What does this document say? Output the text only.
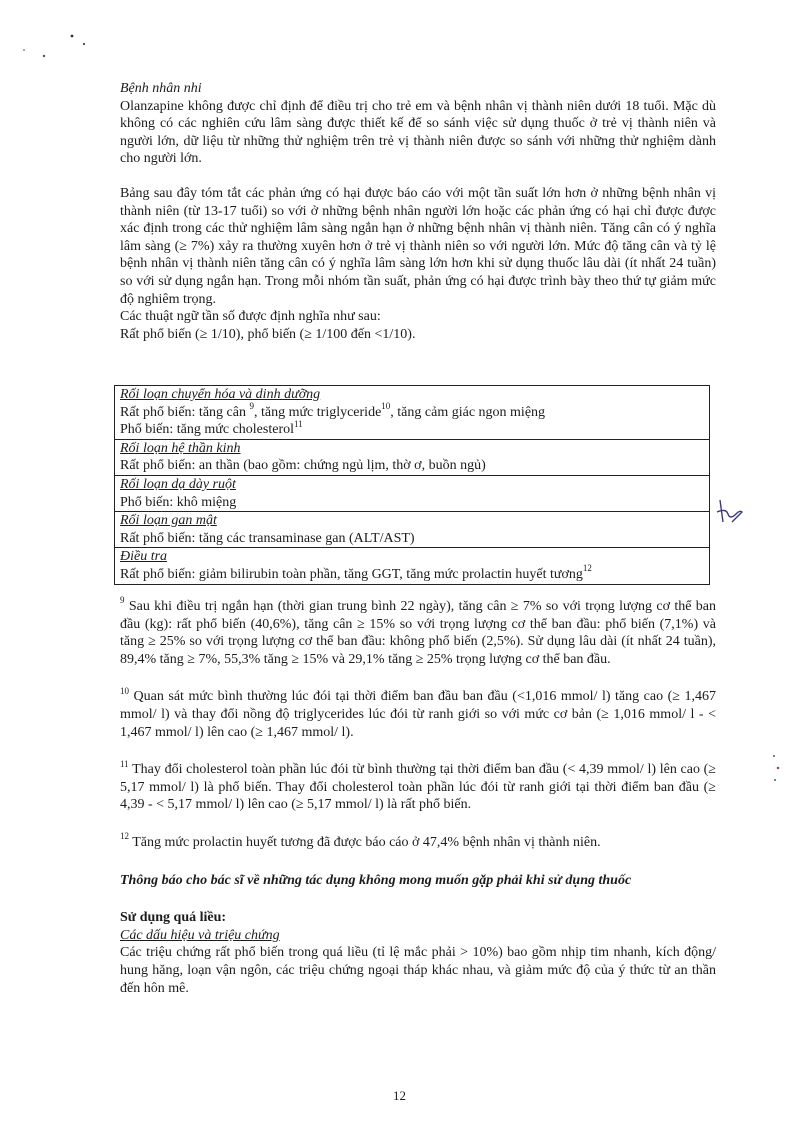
Bệnh nhân nhi

Olanzapine không được chỉ định để điều trị cho trẻ em và bệnh nhân vị thành niên dưới 18 tuổi. Mặc dù không có các nghiên cứu lâm sàng được thiết kế để so sánh việc sử dụng thuốc ở trẻ vị thành niên và người lớn, dữ liệu từ những thử nghiệm trên trẻ vị thành niên được so sánh với những thử nghiệm dành cho người lớn.

Bảng sau đây tóm tắt các phản ứng có hại được báo cáo với một tần suất lớn hơn ở những bệnh nhân vị thành niên (từ 13-17 tuổi) so với ở những bệnh nhân người lớn hoặc các phản ứng có hại chỉ được được xác định trong các thử nghiệm lâm sàng ngắn hạn ở những bệnh nhân vị thành niên. Tăng cân có ý nghĩa lâm sàng (≥ 7%) xảy ra thường xuyên hơn ở trẻ vị thành niên so với người lớn. Mức độ tăng cân và tỷ lệ bệnh nhân vị thành niên tăng cân có ý nghĩa lâm sàng lớn hơn khi sử dụng thuốc lâu dài (ít nhất 24 tuần) so với sử dụng ngắn hạn. Trong mỗi nhóm tần suất, phản ứng có hại được trình bày theo thứ tự giảm mức độ nghiêm trọng.

Các thuật ngữ tần số được định nghĩa như sau:

Rất phổ biến (≥ 1/10), phổ biến (≥ 1/100 đến <1/10).

Rối loạn chuyển hóa và dinh dưỡng
Rất phổ biến: tăng cân $^9$, tăng mức triglyceride$^{10}$, tăng cảm giác ngon miệng
Phổ biến: tăng mức cholesterol$^{11}$

Rối loạn hệ thần kinh
Rất phổ biến: an thần (bao gồm: chứng ngủ lịm, thờ ơ, buồn ngủ)

Rối loạn dạ dày ruột
Phổ biến: khô miệng

Rối loạn gan mật
Rất phổ biến: tăng các transaminase gan (ALT/AST)

Điều tra
Rất phổ biến: giảm bilirubin toàn phần, tăng GGT, tăng mức prolactin huyết tương$^{12}$

$^9$ Sau khi điều trị ngắn hạn (thời gian trung bình 22 ngày), tăng cân ≥ 7% so với trọng lượng cơ thể ban đầu (kg): rất phổ biến (40,6%), tăng cân ≥ 15% so với trọng lượng cơ thể ban đầu: phổ biến (7,1%) và tăng ≥ 25% so với trọng lượng cơ thể ban đầu: không phổ biến (2,5%). Sử dụng lâu dài (ít nhất 24 tuần), 89,4% tăng ≥ 7%, 55,3% tăng ≥ 15% và 29,1% tăng ≥ 25% trọng lượng cơ thể ban đầu.

$^{10}$ Quan sát mức bình thường lúc đói tại thời điểm ban đầu ban đầu (<1,016 mmol/ l) tăng cao (≥ 1,467 mmol/ l) và thay đổi nồng độ triglycerides lúc đói từ ranh giới so với mức cơ bản (≥ 1,016 mmol/ l - < 1,467 mmol/ l) lên cao (≥ 1,467 mmol/ l).

$^{11}$ Thay đổi cholesterol toàn phần lúc đói từ bình thường tại thời điểm ban đầu (< 4,39 mmol/ l) lên cao (≥ 5,17 mmol/ l) là phổ biến. Thay đổi cholesterol toàn phần lúc đói từ ranh giới tại thời điểm ban đầu (≥ 4,39 - < 5,17 mmol/ l) lên cao (≥ 5,17 mmol/ l) là rất phổ biến.

$^{12}$ Tăng mức prolactin huyết tương đã được báo cáo ở 47,4% bệnh nhân vị thành niên.

Thông báo cho bác sĩ về những tác dụng không mong muốn gặp phải khi sử dụng thuốc

Sử dụng quá liều:

Các dấu hiệu và triệu chứng

Các triệu chứng rất phổ biến trong quá liều (tỉ lệ mắc phải > 10%) bao gồm nhịp tim nhanh, kích động/ hung hăng, loạn vận ngôn, các triệu chứng ngoại tháp khác nhau, và giảm mức độ của ý thức từ an thần đến hôn mê.

12
